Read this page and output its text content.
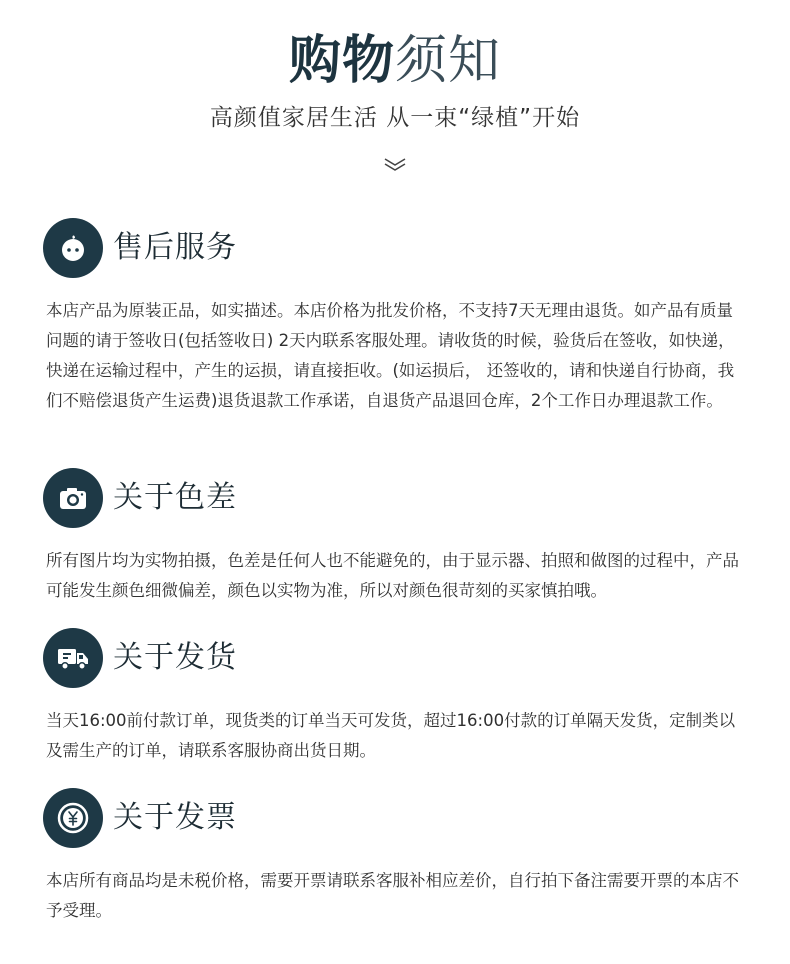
购物须知
高颜值家居生活 从一束“绿植”开始
售后服务

本店产品为原装正品，如实描述。本店价格为批发价格，不支持7天无理由退货。如产品有质量问题的请于签收日(包括签收日) 2天内联系客服处理。请收货的时候，验货后在签收，如快递，快递在运输过程中，产生的运损，请直接拒收。(如运损后， 还签收的，请和快递自行协商，我们不赔偿退货产生运费)退货退款工作承诺，自退货产品退回仓库，2个工作日办理退款工作。

关于色差

所有图片均为实物拍摄，色差是任何人也不能避免的，由于显示器、拍照和做图的过程中，产品可能发生颜色细微偏差，颜色以实物为准，所以对颜色很苛刻的买家慎拍哦。

关于发货

当天16:00前付款订单，现货类的订单当天可发货，超过16:00付款的订单隔天发货，定制类以及需生产的订单，请联系客服协商出货日期。

关于发票

本店所有商品均是未税价格，需要开票请联系客服补相应差价，自行拍下备注需要开票的本店不予受理。
